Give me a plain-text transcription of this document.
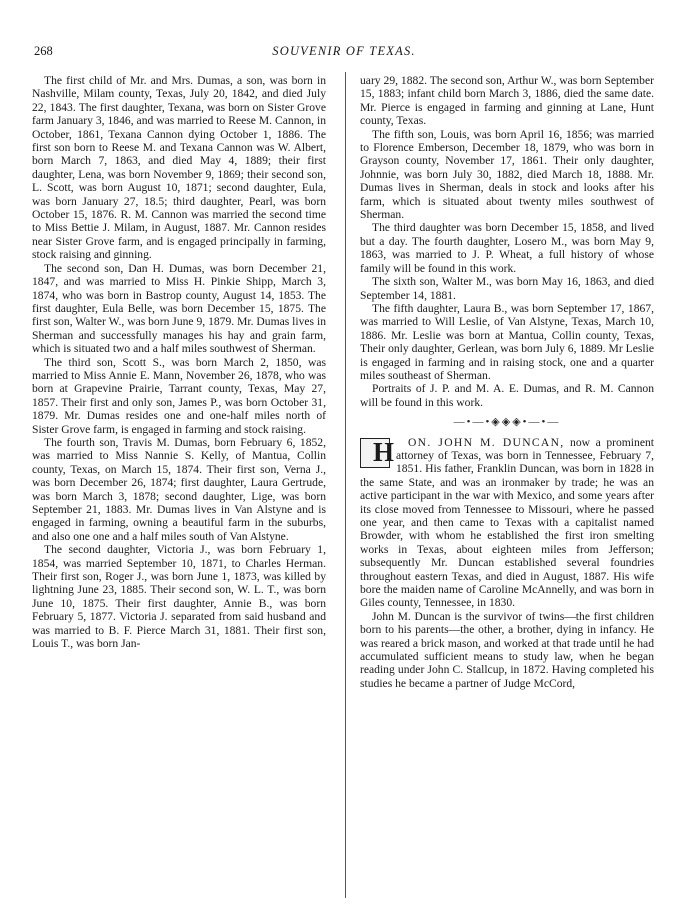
268	SOUVENIR OF TEXAS.

The first child of Mr. and Mrs. Dumas, a son, was born in Nashville, Milam county, Texas, July 20, 1842, and died July 22, 1843. The first daughter, Texana, was born on Sister Grove farm January 3, 1846, and was married to Reese M. Cannon, in October, 1861, Texana Cannon dying October 1, 1886. The first son born to Reese M. and Texana Cannon was W. Albert, born March 7, 1863, and died May 4, 1889; their first daughter, Lena, was born November 9, 1869; their second son, L. Scott, was born August 10, 1871; second daughter, Eula, was born January 27, 18.5; third daughter, Pearl, was born October 15, 1876. R. M. Cannon was married the second time to Miss Bettie J. Milam, in August, 1887. Mr. Cannon resides near Sister Grove farm, and is engaged principally in farming, stock raising and ginning.

The second son, Dan H. Dumas, was born December 21, 1847, and was married to Miss H. Pinkie Shipp, March 3, 1874, who was born in Bastrop county, August 14, 1853. The first daughter, Eula Belle, was born December 15, 1875. The first son, Walter W., was born June 9, 1879. Mr. Dumas lives in Sherman and successfully manages his hay and grain farm, which is situated two and a half miles southwest of Sherman.

The third son, Scott S., was born March 2, 1850, was married to Miss Annie E. Mann, November 26, 1878, who was born at Grapevine Prairie, Tarrant county, Texas, May 27, 1857. Their first and only son, James P., was born October 31, 1879. Mr. Dumas resides one and one-half miles north of Sister Grove farm, is engaged in farming and stock raising.

The fourth son, Travis M. Dumas, born February 6, 1852, was married to Miss Nannie S. Kelly, of Mantua, Collin county, Texas, on March 15, 1874. Their first son, Verna J., was born December 26, 1874; first daughter, Laura Gertrude, was born March 3, 1878; second daughter, Lige, was born September 21, 1883. Mr. Dumas lives in Van Alstyne and is engaged in farming, owning a beautiful farm in the suburbs, and also one one and a half miles south of Van Alstyne.

The second daughter, Victoria J., was born February 1, 1854, was married September 10, 1871, to Charles Herman. Their first son, Roger J., was born June 1, 1873, was killed by lightning June 23, 1885. Their second son, W. L. T., was born June 10, 1875. Their first daughter, Annie B., was born February 5, 1877. Victoria J. separated from said husband and was married to B. F. Pierce March 31, 1881. Their first son, Louis T., was born Jan-

uary 29, 1882. The second son, Arthur W., was born September 15, 1883; infant child born March 3, 1886, died the same date. Mr. Pierce is engaged in farming and ginning at Lane, Hunt county, Texas.

The fifth son, Louis, was born April 16, 1856; was married to Florence Emberson, December 18, 1879, who was born in Grayson county, November 17, 1861. Their only daughter, Johnnie, was born July 30, 1882, died March 18, 1888. Mr. Dumas lives in Sherman, deals in stock and looks after his farm, which is situated about twenty miles southwest of Sherman.

The third daughter was born December 15, 1858, and lived but a day. The fourth daughter, Losero M., was born May 9, 1863, was married to J. P. Wheat, a full history of whose family will be found in this work.

The sixth son, Walter M., was born May 16, 1863, and died September 14, 1881.

The fifth daughter, Laura B., was born September 17, 1867, was married to Will Leslie, of Van Alstyne, Texas, March 10, 1886. Mr. Leslie was born at Mantua, Collin county, Texas, Their only daughter, Gerlean, was born July 6, 1889. Mr Leslie is engaged in farming and in raising stock, one and a quarter miles southeast of Sherman.

Portraits of J. P. and M. A. E. Dumas, and R. M. Cannon will be found in this work.

—•—•◈◈◈•—•—

H ON. JOHN M. DUNCAN, now a prominent attorney of Texas, was born in Tennessee, February 7, 1851. His father, Franklin Duncan, was born in 1828 in the same State, and was an ironmaker by trade; he was an active participant in the war with Mexico, and some years after its close moved from Tennessee to Missouri, where he passed one year, and then came to Texas with a capitalist named Browder, with whom he established the first iron smelting works in Texas, about eighteen miles from Jefferson; subsequently Mr. Duncan established several foundries throughout eastern Texas, and died in August, 1887. His wife bore the maiden name of Caroline McAnnelly, and was born in Giles county, Tennessee, in 1830.

John M. Duncan is the survivor of twins—the first children born to his parents—the other, a brother, dying in infancy. He was reared a brick mason, and worked at that trade until he had accumulated sufficient means to study law, when he began reading under John C. Stallcup, in 1872. Having completed his studies he became a partner of Judge McCord,
